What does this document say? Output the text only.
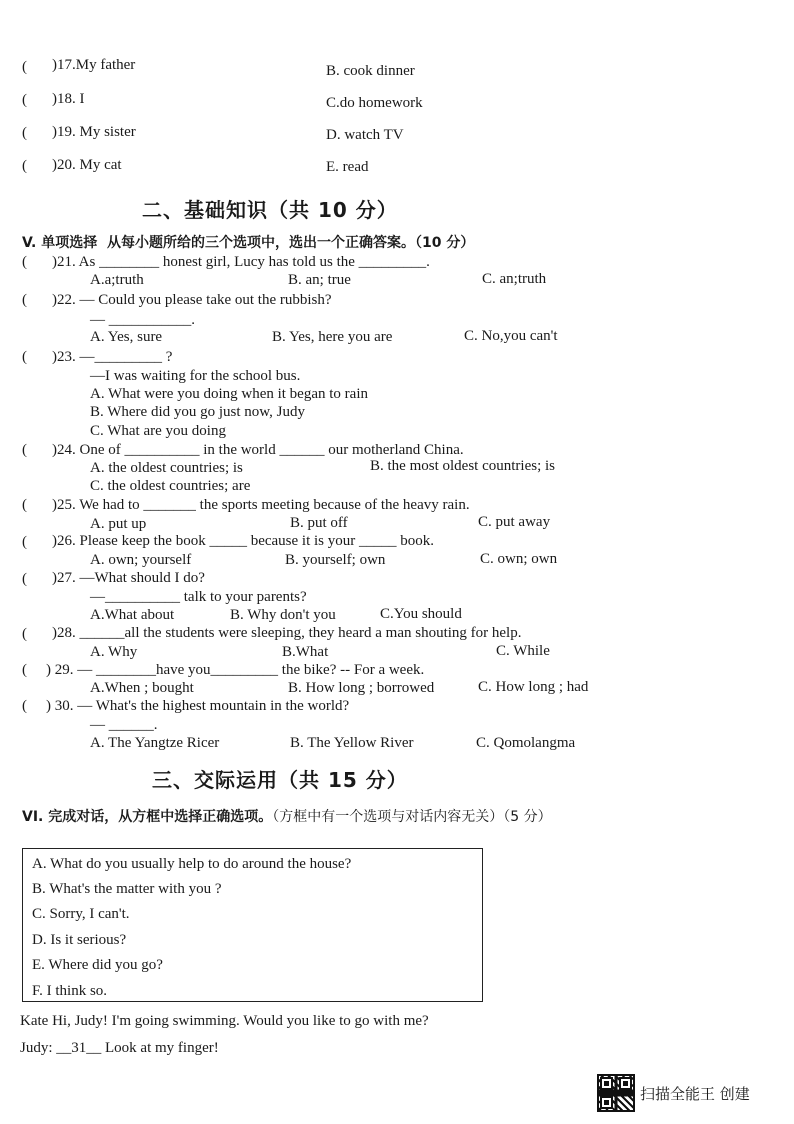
( )17.My father	B. cook dinner
( )18. I	C.do homework
( )19. My sister	D. watch TV
( )20. My cat	E. read
二、基础知识（共 10 分）
V. 单项选择 从每小题所给的三个选项中，选出一个正确答案。（10 分）
( )21. As ________ honest girl, Lucy has told us the _________.
A.a;truth	B. an; true	C. an;truth
( )22. — Could you please take out the rubbish?
— ___________.
A. Yes, sure	B. Yes, here you are	C. No,you can't
( )23. —_________ ?
—I was waiting for the school bus.
A. What were you doing when it began to rain
B. Where did you go just now, Judy
C. What are you doing
( )24. One of __________ in the world ______ our motherland China.
A. the oldest countries; is	B. the most oldest countries; is
C. the oldest countries; are
( )25. We had to _______ the sports meeting because of the heavy rain.
A. put up	B. put off	C. put away
( )26. Please keep the book _____ because it is your _____ book.
A. own; yourself	B. yourself; own	C. own; own
( )27. —What should I do?
—__________ talk to your parents?
A.What about	B. Why don't you	C.You should
( )28. ______all the students were sleeping, they heard a man shouting for help.
A. Why	B.What	C. While
( ) 29. — ________have you_________ the bike? -- For a week.
A.When ; bought	B. How long ; borrowed	C. How long ; had
( ) 30. — What's the highest mountain in the world?
— ______.
A. The Yangtze Ricer	B. The Yellow River	C. Qomolangma
三、交际运用（共 15 分）
VI. 完成对话，从方框中选择正确选项。（方框中有一个选项与对话内容无关）（5 分）
A. What do you usually help to do around the house?
B. What's the matter with you ?
C. Sorry, I can't.
D. Is it serious?
E. Where did you go?
F. I think so.
Kate Hi, Judy! I'm going swimming. Would you like to go with me?
Judy: __31__ Look at my finger!
扫描全能王 创建
